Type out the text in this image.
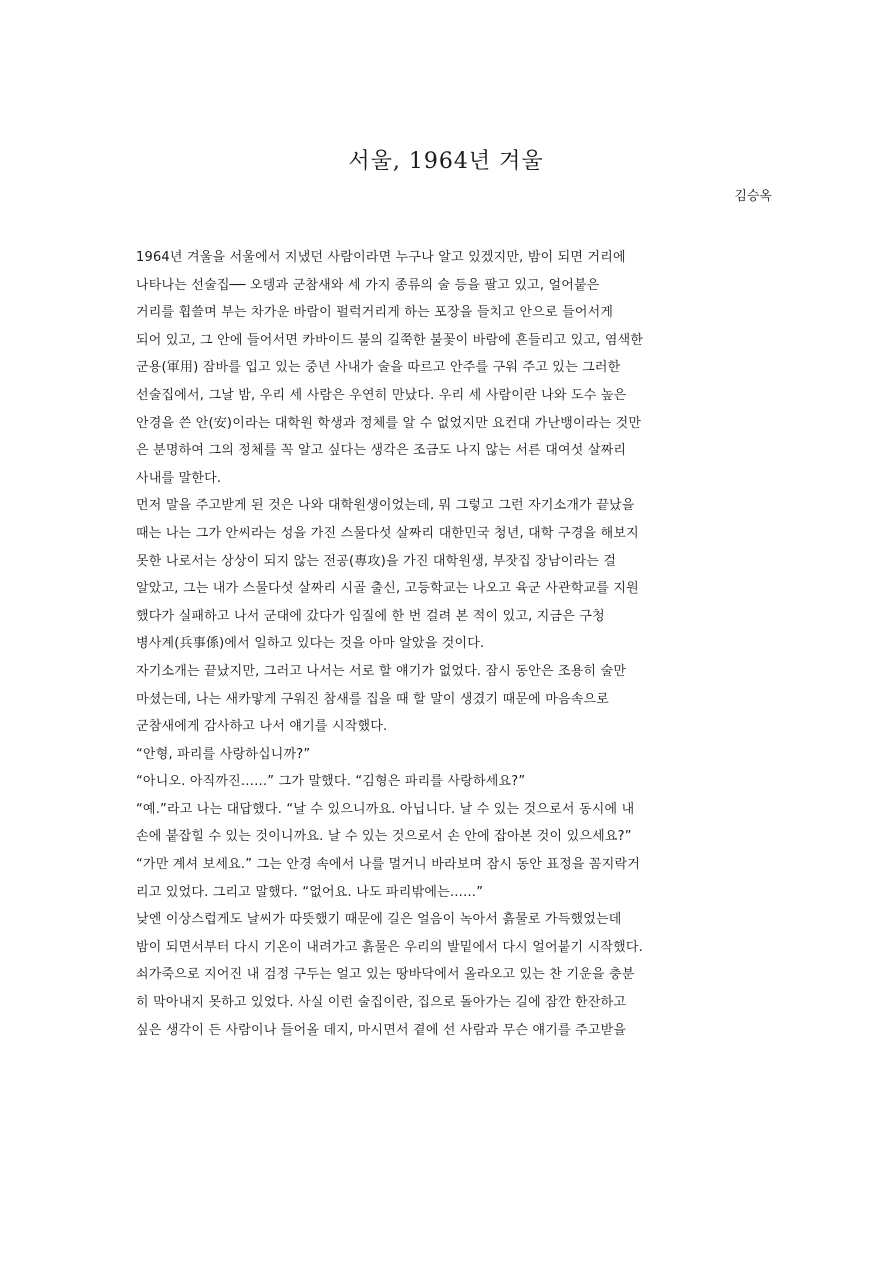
서울, 1964년 겨울
김승옥
1964년 겨울을 서울에서 지냈던 사람이라면 누구나 알고 있겠지만, 밤이 되면 거리에
나타나는 선술집── 오뎅과 군참새와 세 가지 종류의 술 등을 팔고 있고, 얼어붙은
거리를 휩쓸며 부는 차가운 바람이 펄럭거리게 하는 포장을 들치고 안으로 들어서게
되어 있고, 그 안에 들어서면 카바이드 불의 길쭉한 불꽃이 바람에 흔들리고 있고, 염색한
군용(軍用) 잠바를 입고 있는 중년 사내가 술을 따르고 안주를 구워 주고 있는 그러한
선술집에서, 그날 밤, 우리 세 사람은 우연히 만났다. 우리 세 사람이란 나와 도수 높은
안경을 쓴 안(安)이라는 대학원 학생과 정체를 알 수 없었지만 요컨대 가난뱅이라는 것만
은 분명하여 그의 정체를 꼭 알고 싶다는 생각은 조금도 나지 않는 서른 대여섯 살짜리
사내를 말한다.
먼저 말을 주고받게 된 것은 나와 대학원생이었는데, 뭐 그렇고 그런 자기소개가 끝났을
때는 나는 그가 안씨라는 성을 가진 스물다섯 살짜리 대한민국 청년, 대학 구경을 해보지
못한 나로서는 상상이 되지 않는 전공(專攻)을 가진 대학원생, 부잣집 장남이라는 걸
알았고, 그는 내가 스물다섯 살짜리 시골 출신, 고등학교는 나오고 육군 사관학교를 지원
했다가 실패하고 나서 군대에 갔다가 임질에 한 번 걸려 본 적이 있고, 지금은 구청
병사계(兵事係)에서 일하고 있다는 것을 아마 알았을 것이다.
자기소개는 끝났지만, 그러고 나서는 서로 할 얘기가 없었다. 잠시 동안은 조용히 술만
마셨는데, 나는 새카맣게 구워진 참새를 집을 때 할 말이 생겼기 때문에 마음속으로
군참새에게 감사하고 나서 얘기를 시작했다.
“안형, 파리를 사랑하십니까?”
“아니오. 아직까진……” 그가 말했다. “김형은 파리를 사랑하세요?”
“예.”라고 나는 대답했다. “날 수 있으니까요. 아닙니다. 날 수 있는 것으로서 동시에 내
손에 붙잡힐 수 있는 것이니까요. 날 수 있는 것으로서 손 안에 잡아본 것이 있으세요?”
“가만 계셔 보세요.” 그는 안경 속에서 나를 멀거니 바라보며 잠시 동안 표정을 꼼지락거
리고 있었다. 그리고 말했다. “없어요. 나도 파리밖에는……”
낮엔 이상스럽게도 날씨가 따뜻했기 때문에 길은 얼음이 녹아서 흙물로 가득했었는데
밤이 되면서부터 다시 기온이 내려가고 흙물은 우리의 발밑에서 다시 얼어붙기 시작했다.
쇠가죽으로 지어진 내 검정 구두는 얼고 있는 땅바닥에서 올라오고 있는 찬 기운을 충분
히 막아내지 못하고 있었다. 사실 이런 술집이란, 집으로 돌아가는 길에 잠깐 한잔하고
싶은 생각이 든 사람이나 들어올 데지, 마시면서 곁에 선 사람과 무슨 얘기를 주고받을
